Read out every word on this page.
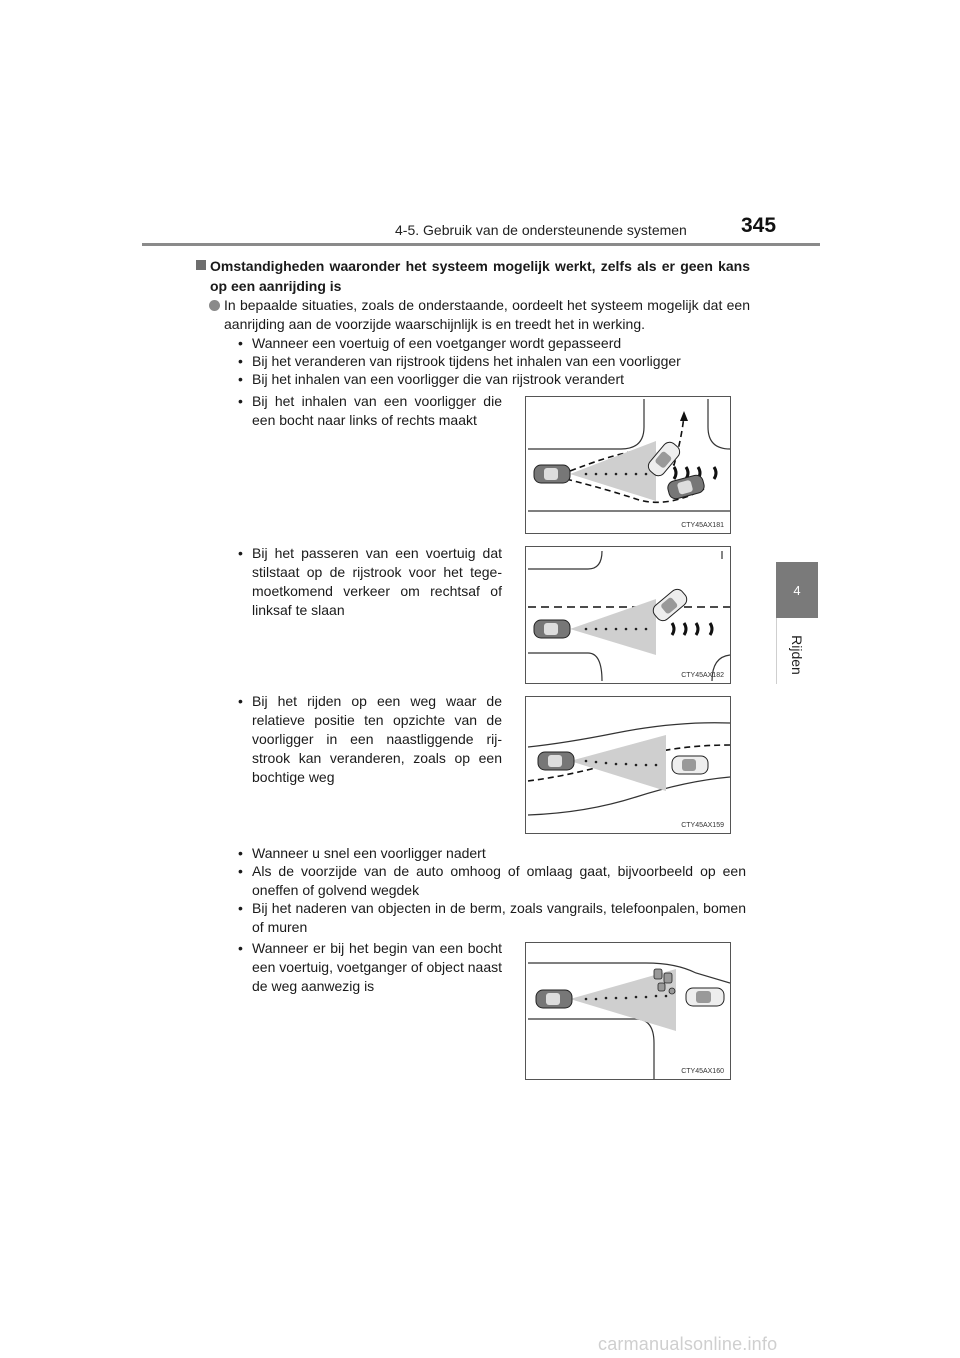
4-5. Gebruik van de ondersteunende systemen	345
4
Rijden
Omstandigheden waaronder het systeem mogelijk werkt, zelfs als er geen kans op een aanrijding is
In bepaalde situaties, zoals de onderstaande, oordeelt het systeem mogelijk dat een aanrijding aan de voorzijde waarschijnlijk is en treedt het in werking.
• Wanneer een voertuig of een voetganger wordt gepasseerd
• Bij het veranderen van rijstrook tijdens het inhalen van een voorligger
• Bij het inhalen van een voorligger die van rijstrook verandert
• Bij het inhalen van een voorligger die een bocht naar links of rechts maakt
• Bij het passeren van een voertuig dat stilstaat op de rijstrook voor het tege-moetkomend verkeer om rechtsaf of linksaf te slaan
• Bij het rijden op een weg waar de relatieve positie ten opzichte van de voorligger in een naastliggende rij-strook kan veranderen, zoals op een bochtige weg
• Wanneer u snel een voorligger nadert
• Als de voorzijde van de auto omhoog of omlaag gaat, bijvoorbeeld op een oneffen of golvend wegdek
• Bij het naderen van objecten in de berm, zoals vangrails, telefoonpalen, bomen of muren
• Wanneer er bij het begin van een bocht een voertuig, voetganger of object naast de weg aanwezig is
CTY45AX181
CTY45AX182
CTY45AX159
CTY45AX160
carmanualsonline.info
